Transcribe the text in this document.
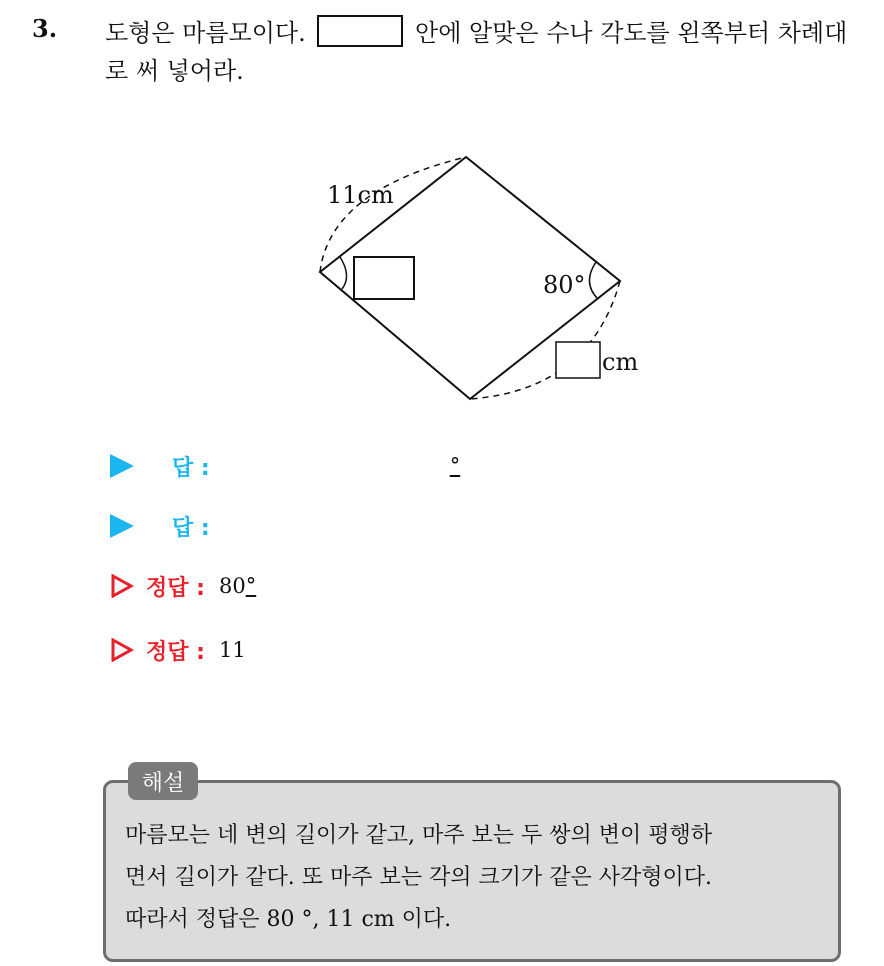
3. 도형은 마름모이다.	안에 알맞은 수나 각도를 왼쪽부터 차례대로 써 넣어라.
11cm
80°
cm
답 :	°
답 :
정답 : 80 °
정답 : 11
해설
마름모는 네 변의 길이가 같고, 마주 보는 두 쌍의 변이 평행하
면서 길이가 같다. 또 마주 보는 각의 크기가 같은 사각형이다.
따라서 정답은 80 °, 11 cm 이다.
